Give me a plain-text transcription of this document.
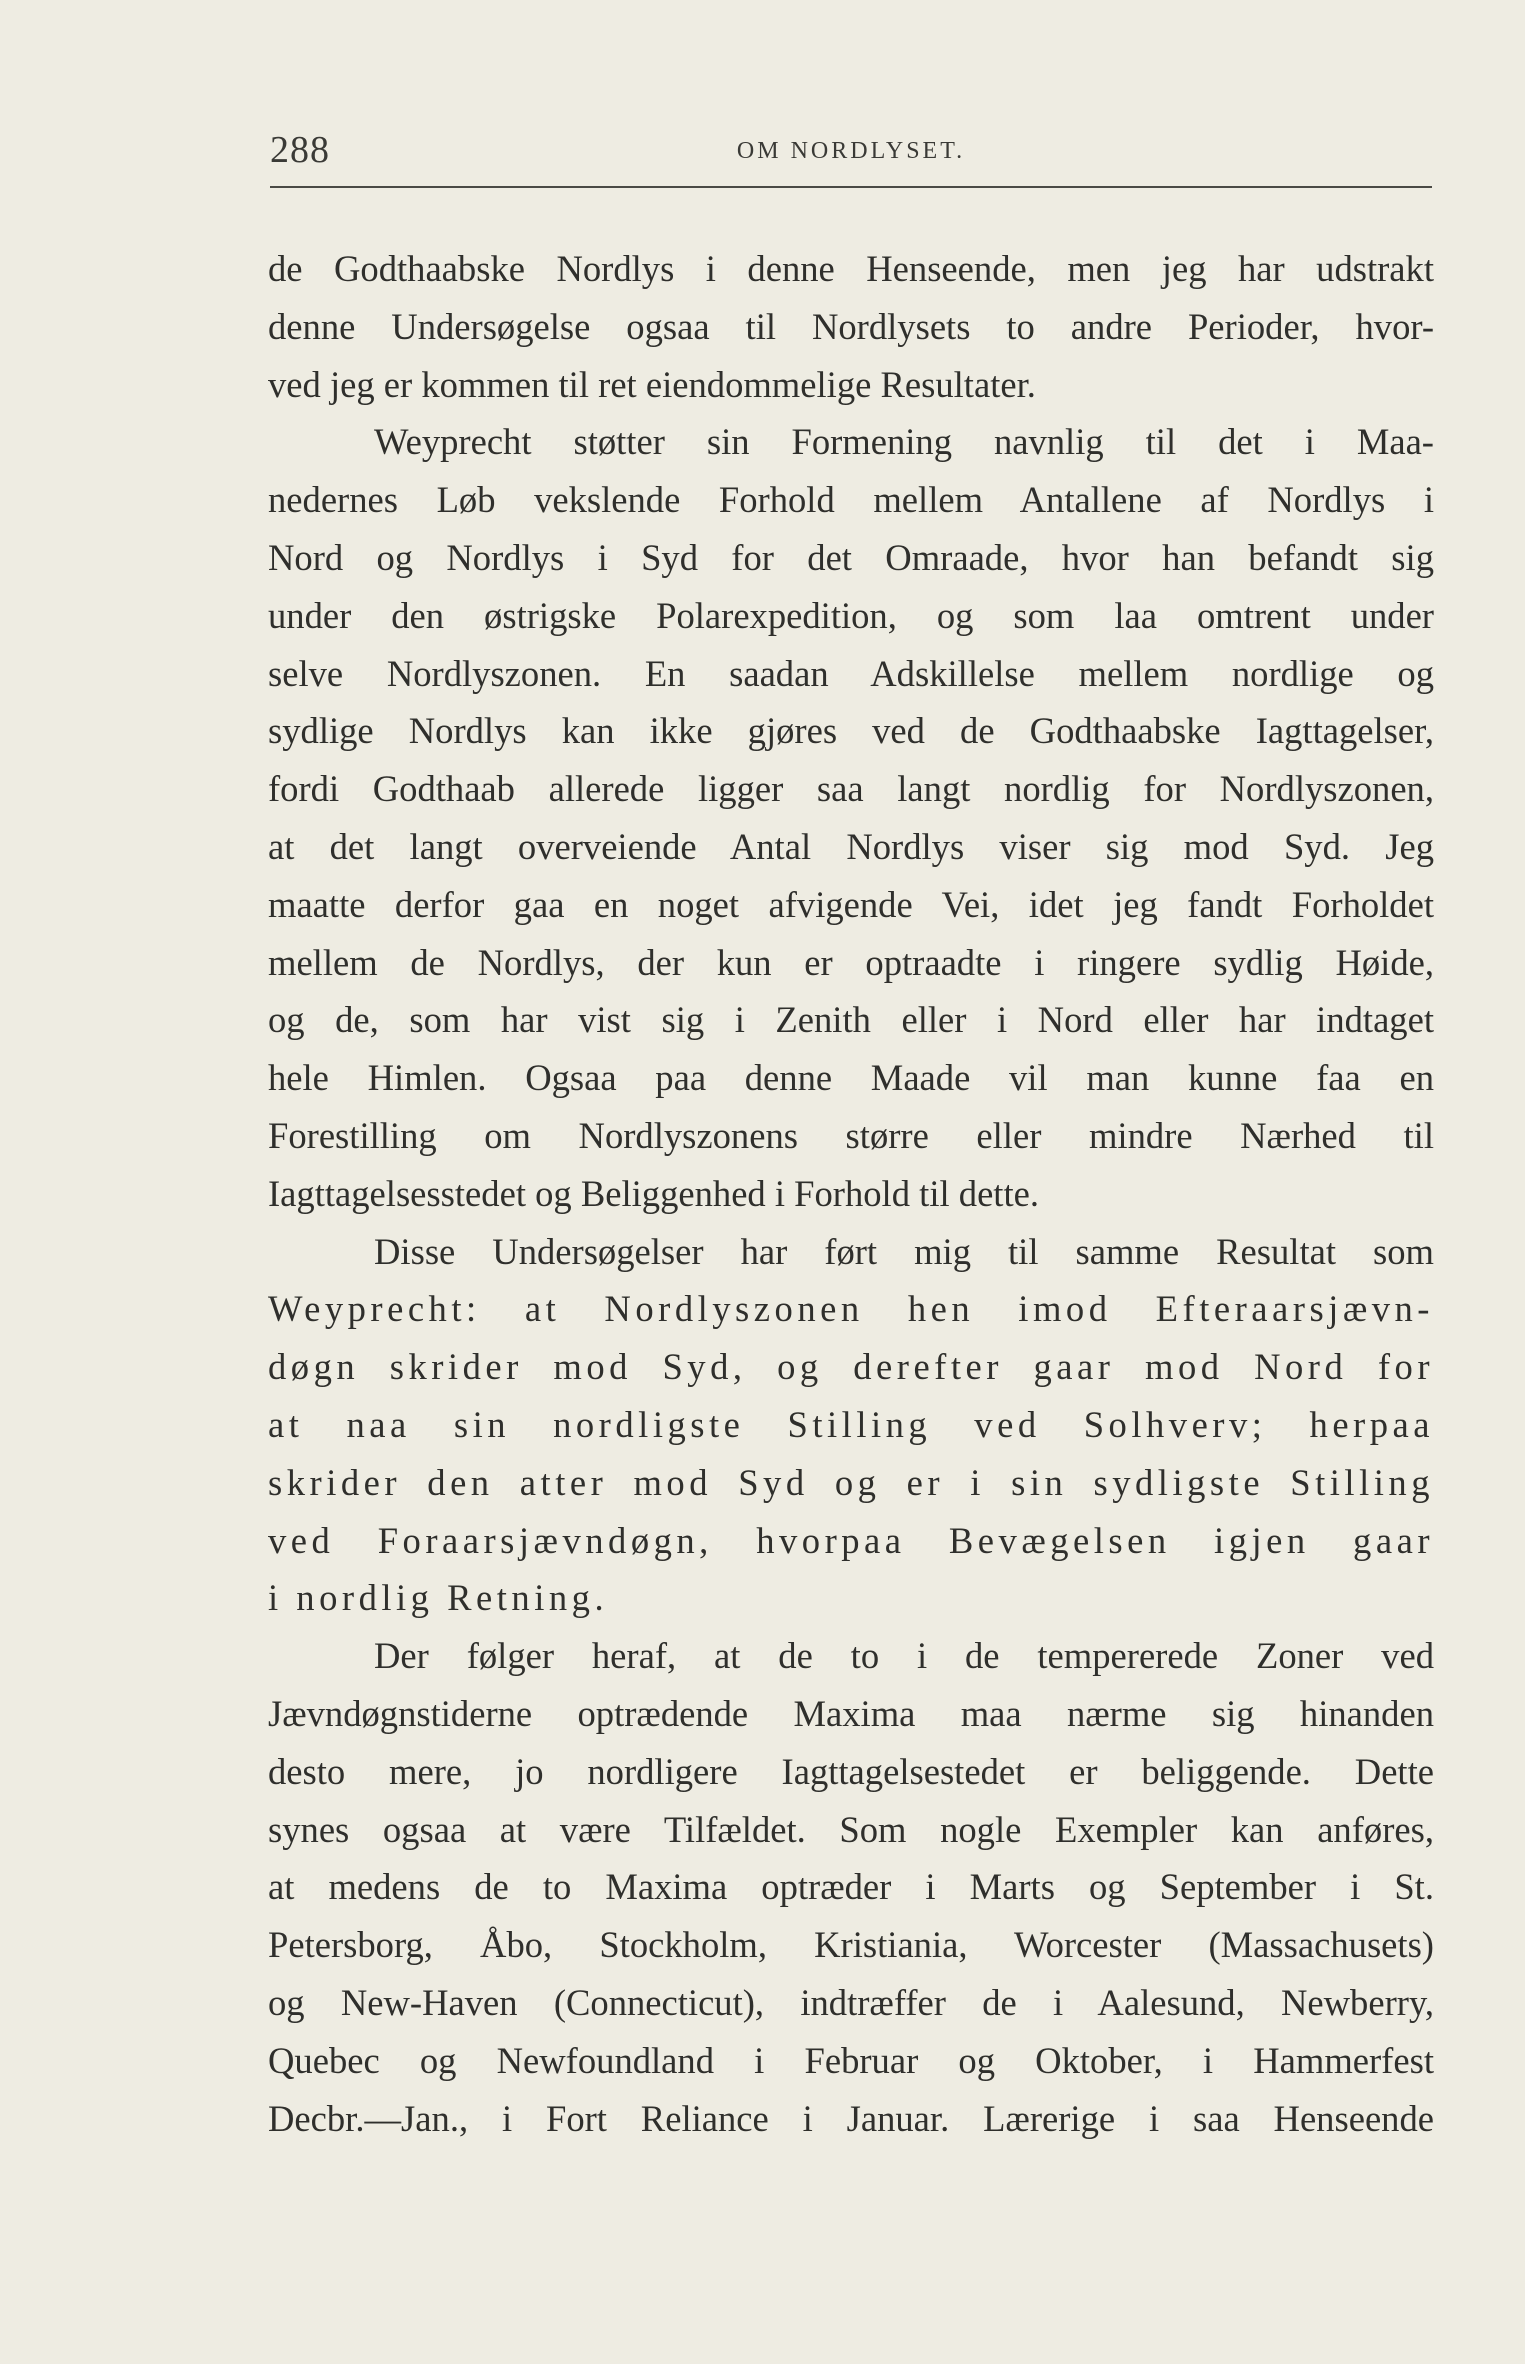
288	OM NORDLYSET.
de Godthaabske Nordlys i denne Henseende, men jeg har udstrakt
denne Undersøgelse ogsaa til Nordlysets to andre Perioder, hvor-
ved jeg er kommen til ret eiendommelige Resultater.
Weyprecht støtter sin Formening navnlig til det i Maa-
nedernes Løb vekslende Forhold mellem Antallene af Nordlys i
Nord og Nordlys i Syd for det Omraade, hvor han befandt sig
under den østrigske Polarexpedition, og som laa omtrent under
selve Nordlyszonen. En saadan Adskillelse mellem nordlige og
sydlige Nordlys kan ikke gjøres ved de Godthaabske Iagttagelser,
fordi Godthaab allerede ligger saa langt nordlig for Nordlyszonen,
at det langt overveiende Antal Nordlys viser sig mod Syd. Jeg
maatte derfor gaa en noget afvigende Vei, idet jeg fandt Forholdet
mellem de Nordlys, der kun er optraadte i ringere sydlig Høide,
og de, som har vist sig i Zenith eller i Nord eller har indtaget
hele Himlen. Ogsaa paa denne Maade vil man kunne faa en
Forestilling om Nordlyszonens større eller mindre Nærhed til
Iagttagelsesstedet og Beliggenhed i Forhold til dette.
Disse Undersøgelser har ført mig til samme Resultat som
Weyprecht: at Nordlyszonen hen imod Efteraarsjævn-
døgn skrider mod Syd, og derefter gaar mod Nord for
at naa sin nordligste Stilling ved Solhverv; herpaa
skrider den atter mod Syd og er i sin sydligste Stilling
ved Foraarsjævndøgn, hvorpaa Bevægelsen igjen gaar
i nordlig Retning.
Der følger heraf, at de to i de tempererede Zoner ved
Jævndøgnstiderne optrædende Maxima maa nærme sig hinanden
desto mere, jo nordligere Iagttagelsestedet er beliggende. Dette
synes ogsaa at være Tilfældet. Som nogle Exempler kan anføres,
at medens de to Maxima optræder i Marts og September i St.
Petersborg, Åbo, Stockholm, Kristiania, Worcester (Massachusets)
og New-Haven (Connecticut), indtræffer de i Aalesund, Newberry,
Quebec og Newfoundland i Februar og Oktober, i Hammerfest
Decbr.—Jan., i Fort Reliance i Januar. Lærerige i saa Henseende
